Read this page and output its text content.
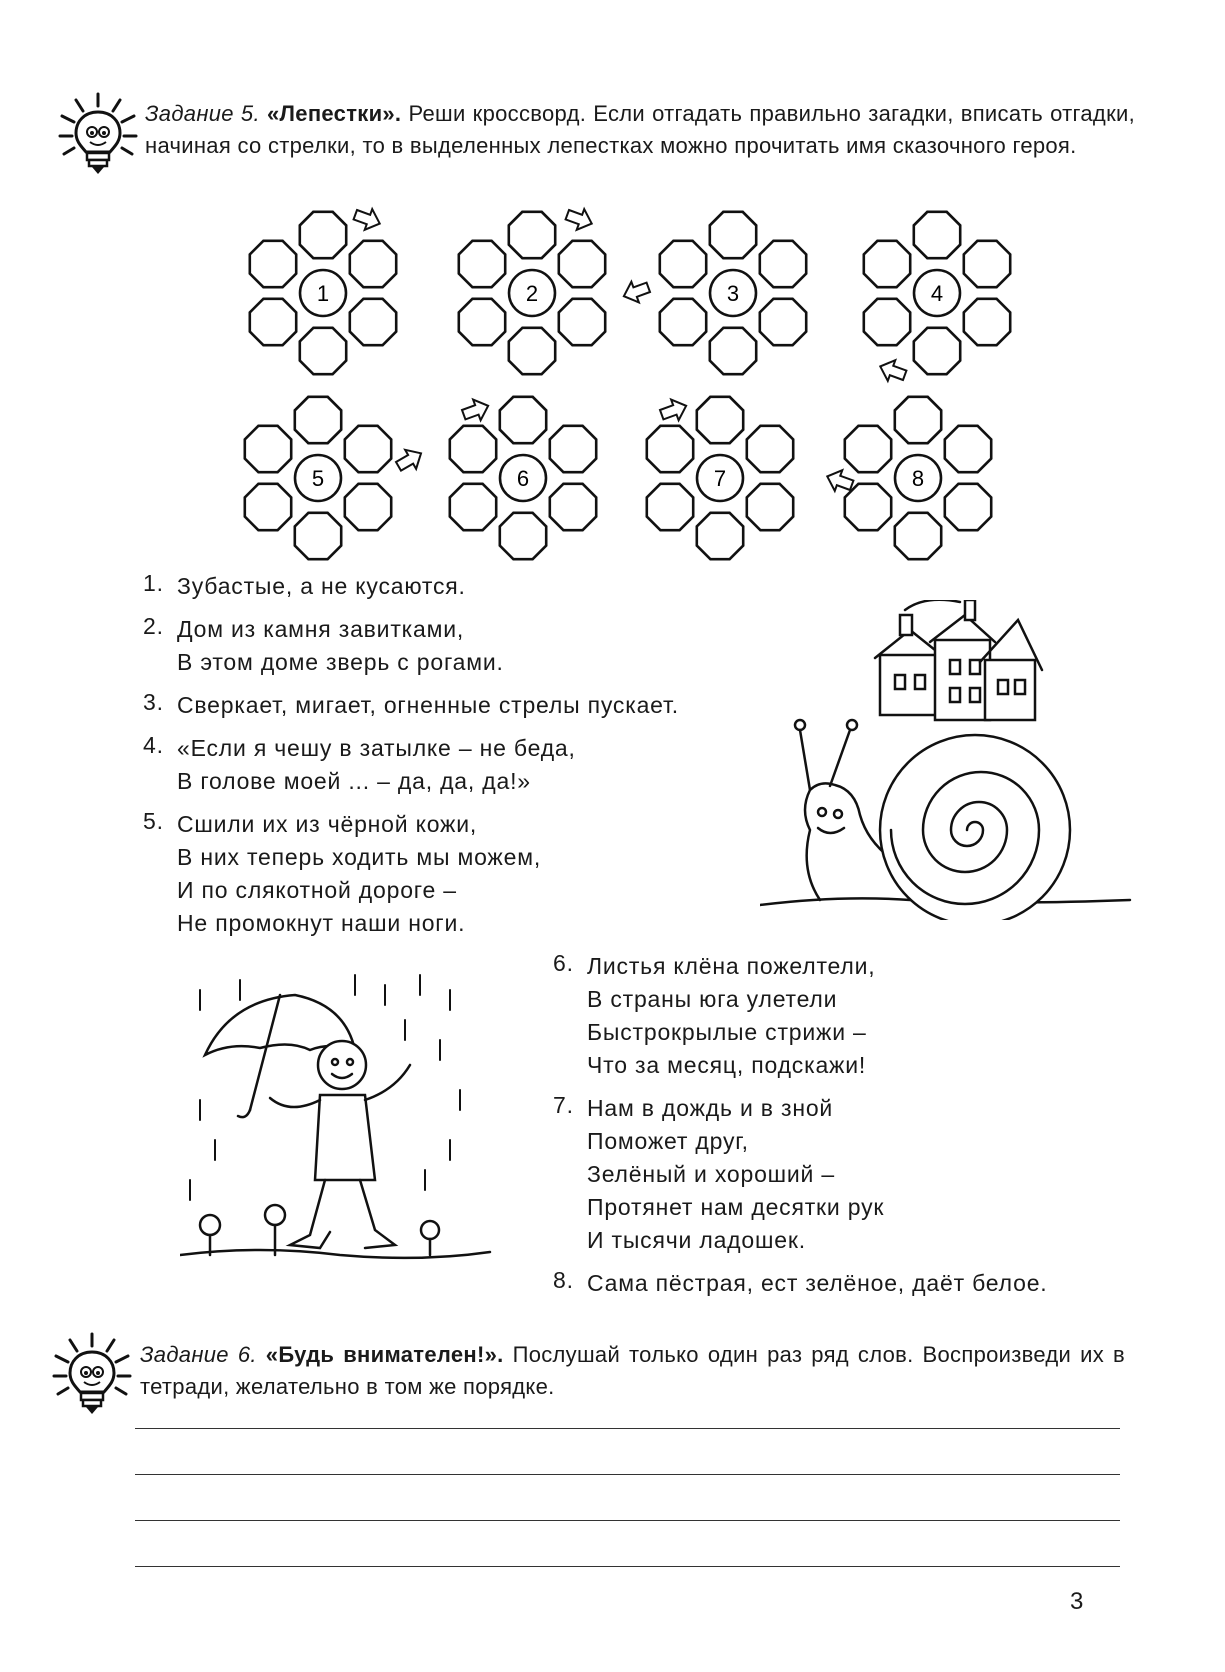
Задание 5. «Лепестки». Реши кроссворд. Если отгадать правильно загадки, вписать отгадки, начиная со стрелки, то в выделенных лепестках можно прочитать имя сказочного героя.
1	2	3	4
5	6	7	8
1. Зубастые, а не кусаются.
2. Дом из камня завитками,
В этом доме зверь с рогами.
3. Сверкает, мигает, огненные стрелы пускает.
4. «Если я чешу в затылке – не беда,
В голове моей ... – да, да, да!»
5. Сшили их из чёрной кожи,
В них теперь ходить мы можем,
И по слякотной дороге –
Не промокнут наши ноги.
6. Листья клёна пожелтели,
В страны юга улетели
Быстрокрылые стрижи –
Что за месяц, подскажи!
7. Нам в дождь и в зной
Поможет друг,
Зелёный и хороший –
Протянет нам десятки рук
И тысячи ладошек.
8. Сама пёстрая, ест зелёное, даёт белое.
Задание 6. «Будь внимателен!». Послушай только один раз ряд слов. Воспроизведи их в тетради, желательно в том же порядке.
3
